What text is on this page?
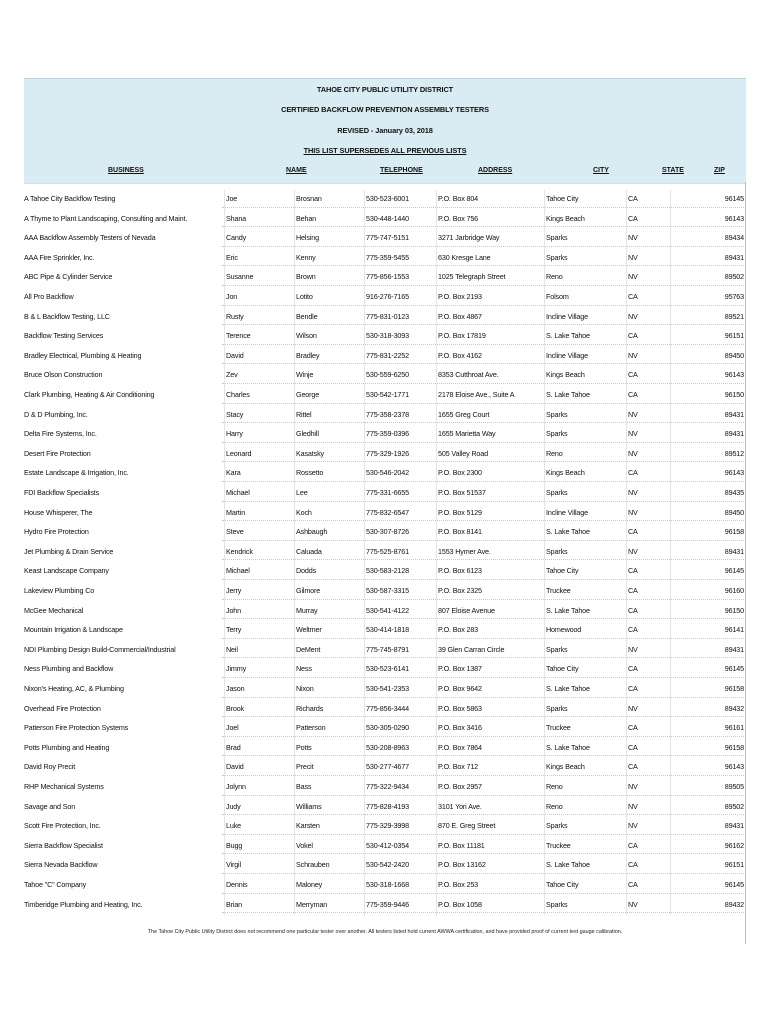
TAHOE CITY PUBLIC UTILITY DISTRICT
CERTIFIED BACKFLOW PREVENTION ASSEMBLY TESTERS
REVISED - January 03, 2018
THIS LIST SUPERSEDES ALL PREVIOUS LISTS
BUSINESS	NAME	TELEPHONE	ADDRESS	CITY	STATE	ZIP
A Tahoe City Backflow Testing	Joe	Brosnan	530-523-6001	P.O. Box 804	Tahoe City	CA	96145
A Thyme to Plant Landscaping, Consulting and Maint.	Shana	Behan	530-448-1440	P.O. Box 756	Kings Beach	CA	96143
AAA Backflow Assembly Testers of Nevada	Candy	Helsing	775-747-5151	3271 Jarbridge Way	Sparks	NV	89434
AAA Fire Sprinkler, Inc.	Eric	Kenny	775-359-5455	630 Kresge Lane	Sparks	NV	89431
ABC Pipe & Cylinder Service	Susanne	Brown	775-856-1553	1025 Telegraph Street	Reno	NV	89502
All Pro Backflow	Jon	Lotito	916-276-7165	P.O. Box 2193	Folsom	CA	95763
B & L Backflow Testing, LLC	Rusty	Bendle	775-831-0123	P.O. Box 4867	Incline Village	NV	89521
Backflow Testing Services	Terence	Wilson	530-318-3093	P.O. Box 17819	S. Lake Tahoe	CA	96151
Bradley Electrical, Plumbing & Heating	David	Bradley	775-831-2252	P.O. Box 4162	Incline Village	NV	89450
Bruce Olson Construction	Zev	Winje	530-559-6250	8353 Cutthroat Ave.	Kings Beach	CA	96143
Clark Plumbing, Heating & Air Conditioning	Charles	George	530-542-1771	2178 Eloise Ave., Suite A	S. Lake Tahoe	CA	96150
D & D Plumbing, Inc.	Stacy	Rittel	775-358-2378	1655 Greg Court	Sparks	NV	89431
Delta Fire Systems, Inc.	Harry	Gledhill	775-359-0396	1655 Marietta Way	Sparks	NV	89431
Desert Fire Protection	Leonard	Kasatsky	775-329-1926	505 Valley Road	Reno	NV	89512
Estate Landscape & Irrigation, Inc.	Kara	Rossetto	530-546-2042	P.O. Box 2300	Kings Beach	CA	96143
FDI Backflow Specialists	Michael	Lee	775-331-6655	P.O. Box 51537	Sparks	NV	89435
House Whisperer, The	Martin	Koch	775-832-6547	P.O. Box 5129	Incline Village	NV	89450
Hydro Fire Protection	Steve	Ashbaugh	530-307-8726	P.O. Box 8141	S. Lake Tahoe	CA	96158
Jet Plumbing & Drain Service	Kendrick	Caluada	775-525-8761	1553 Hymer Ave.	Sparks	NV	89431
Keast Landscape Company	Michael	Dodds	530-583-2128	P.O. Box 6123	Tahoe City	CA	96145
Lakeview Plumbing Co	Jerry	Gilmore	530-587-3315	P.O. Box 2325	Truckee	CA	96160
McGee Mechanical	John	Murray	530-541-4122	807 Eloise Avenue	S. Lake Tahoe	CA	96150
Mountain Irrigation & Landscape	Terry	Weltmer	530-414-1818	P.O. Box 283	Homewood	CA	96141
NDI Plumbing Design Build-Commercial/Industrial	Neil	DeMent	775-745-8791	39 Glen Carran Circle	Sparks	NV	89431
Ness Plumbing and Backflow	Jimmy	Ness	530-523-6141	P.O. Box 1387	Tahoe City	CA	96145
Nixon's Heating, AC, & Plumbing	Jason	Nixon	530-541-2353	P.O. Box 9642	S. Lake Tahoe	CA	96158
Overhead Fire Protection	Brook	Richards	775-856-3444	P.O. Box 5863	Sparks	NV	89432
Patterson Fire Protection Systems	Joel	Patterson	530-305-0290	P.O. Box 3416	Truckee	CA	96161
Potts Plumbing and Heating	Brad	Potts	530-208-8963	P.O. Box 7864	S. Lake Tahoe	CA	96158
David Roy Precit	David	Precit	530-277-4677	P.O. Box 712	Kings Beach	CA	96143
RHP Mechanical Systems	Jolynn	Bass	775-322-9434	P.O. Box 2957	Reno	NV	89505
Savage and Son	Judy	Williams	775-828-4193	3101 Yori Ave.	Reno	NV	89502
Scott Fire Protection, Inc.	Luke	Karsten	775-329-3998	870 E. Greg Street	Sparks	NV	89431
Sierra Backflow Specialist	Bugg	Vokel	530-412-0354	P.O. Box 11181	Truckee	CA	96162
Sierra Nevada Backflow	Virgil	Schrauben	530-542-2420	P.O. Box 13162	S. Lake Tahoe	CA	96151
Tahoe "C" Company	Dennis	Maloney	530-318-1668	P.O. Box 253	Tahoe City	CA	96145
Timberidge Plumbing and Heating, Inc.	Brian	Merryman	775-359-9446	P.O. Box 1058	Sparks	NV	89432
The Tahoe City Public Utility District does not recommend one particular tester over another. All testers listed hold current AWWA certification, and have provided proof of current test gauge calibration.
